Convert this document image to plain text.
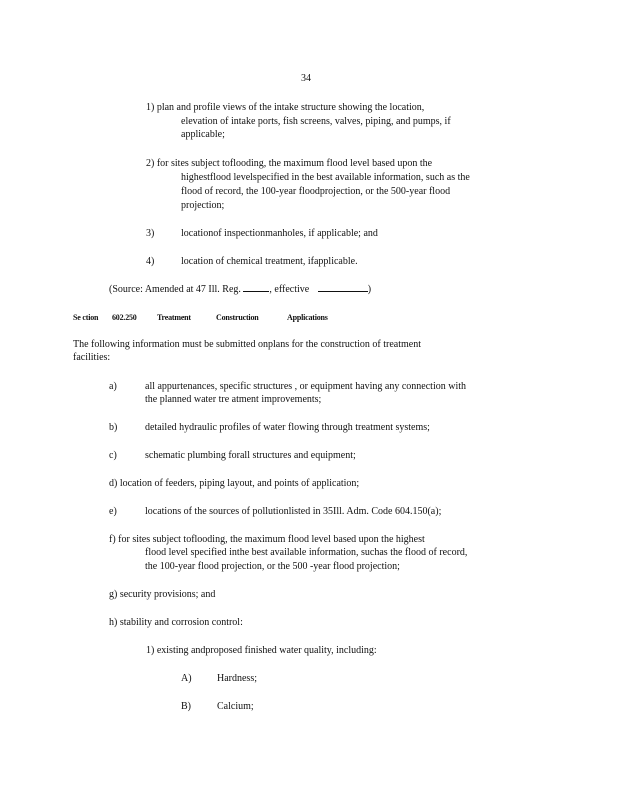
34
1) plan and profile views of the intake structure showing the location,
elevation of intake ports, fish screens, valves, piping, and pumps, if
applicable;
2) for sites subject toflooding, the maximum flood level based upon the
highestflood levelspecified in the best available information, such as the
flood of record, the 100-year floodprojection, or the 500-year flood
projection;
3)	locationof inspectionmanholes, if applicable; and
4)	location of chemical treatment, ifapplicable.
(Source: Amended at 47 Ill. Reg.	, effective	)
Se ction 602.250	Treatment	Construction	Applications
The following information must be submitted onplans for the construction of treatment
facilities:
a)	all appurtenances, specific structures , or equipment having any connection with
the planned water tre atment improvements;
b)	detailed hydraulic profiles of water flowing through treatment systems;
c)	schematic plumbing forall structures and equipment;
d) location of feeders, piping layout, and points of application;
e)	locations of the sources of pollutionlisted in 35Ill. Adm. Code 604.150(a);
f) for sites subject toflooding, the maximum flood level based upon the highest
flood level specified inthe best available information, suchas the flood of record,
the 100-year flood projection, or the 500 -year flood projection;
g) security provisions; and
h) stability and corrosion control:
1) existing andproposed finished water quality, including:
A)	Hardness;
B)	Calcium;
